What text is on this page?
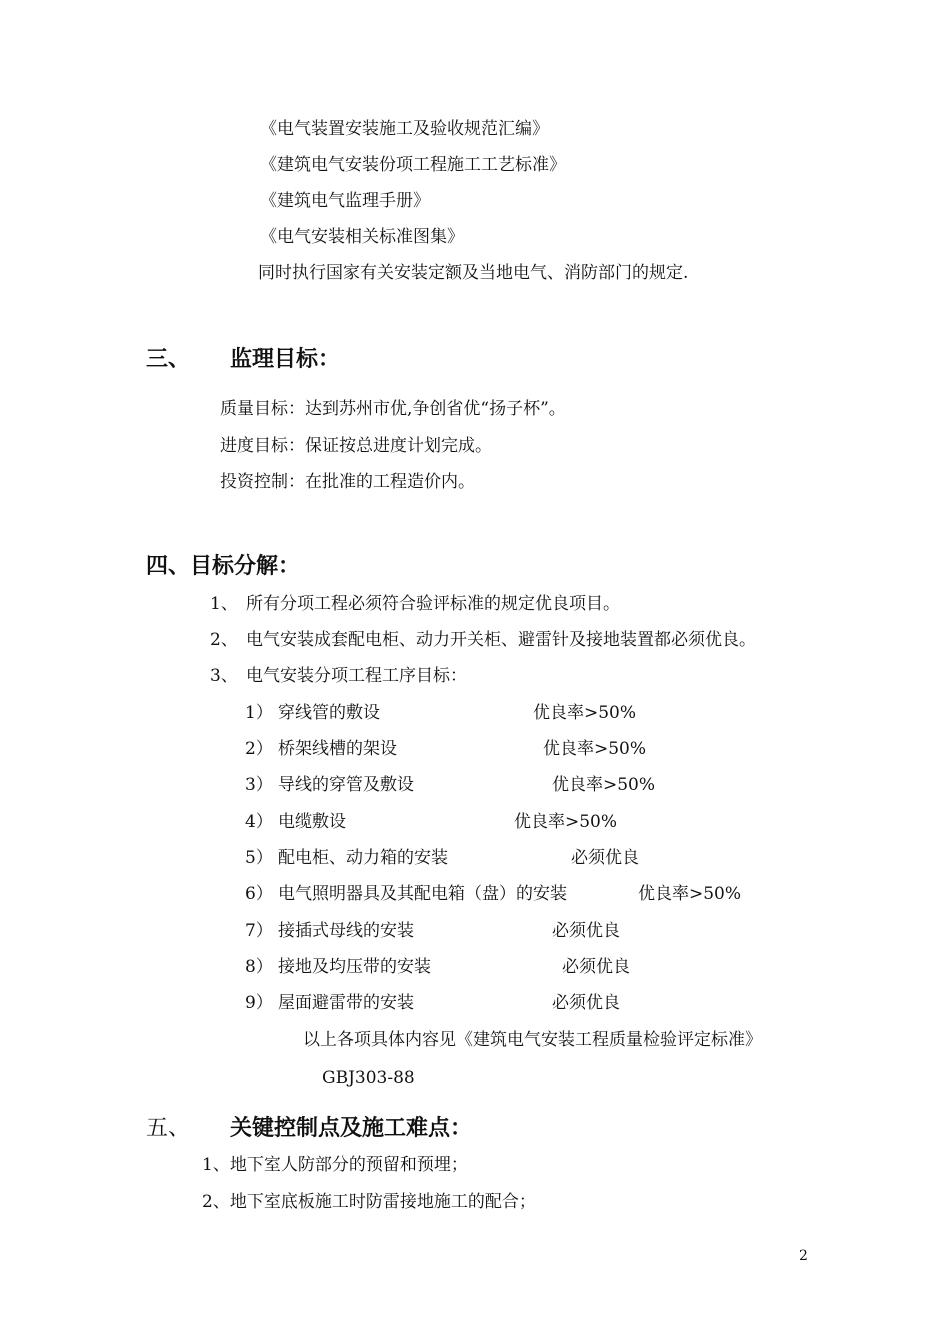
《电气装置安装施工及验收规范汇编》
《建筑电气安装份项工程施工工艺标准》
《建筑电气监理手册》
《电气安装相关标准图集》
同时执行国家有关安装定额及当地电气、消防部门的规定.
三、 监理目标：
质量目标：达到苏州市优,争创省优“扬子杯”。
进度目标：保证按总进度计划完成。
投资控制：在批准的工程造价内。
四、目标分解：
1、 所有分项工程必须符合验评标准的规定优良项目。
2、 电气安装成套配电柜、动力开关柜、避雷针及接地装置都必须优良。
3、 电气安装分项工程工序目标：
1） 穿线管的敷设	优良率>50%
2） 桥架线槽的架设	优良率>50%
3） 导线的穿管及敷设	优良率>50%
4） 电缆敷设	优良率>50%
5） 配电柜、动力箱的安装	必须优良
6） 电气照明器具及其配电箱（盘）的安装	优良率>50%
7） 接插式母线的安装	必须优良
8） 接地及均压带的安装	必须优良
9） 屋面避雷带的安装	必须优良
以上各项具体内容见《建筑电气安装工程质量检验评定标准》
GBJ303-88
五、 关键控制点及施工难点：
1、地下室人防部分的预留和预埋；
2、地下室底板施工时防雷接地施工的配合；
2
